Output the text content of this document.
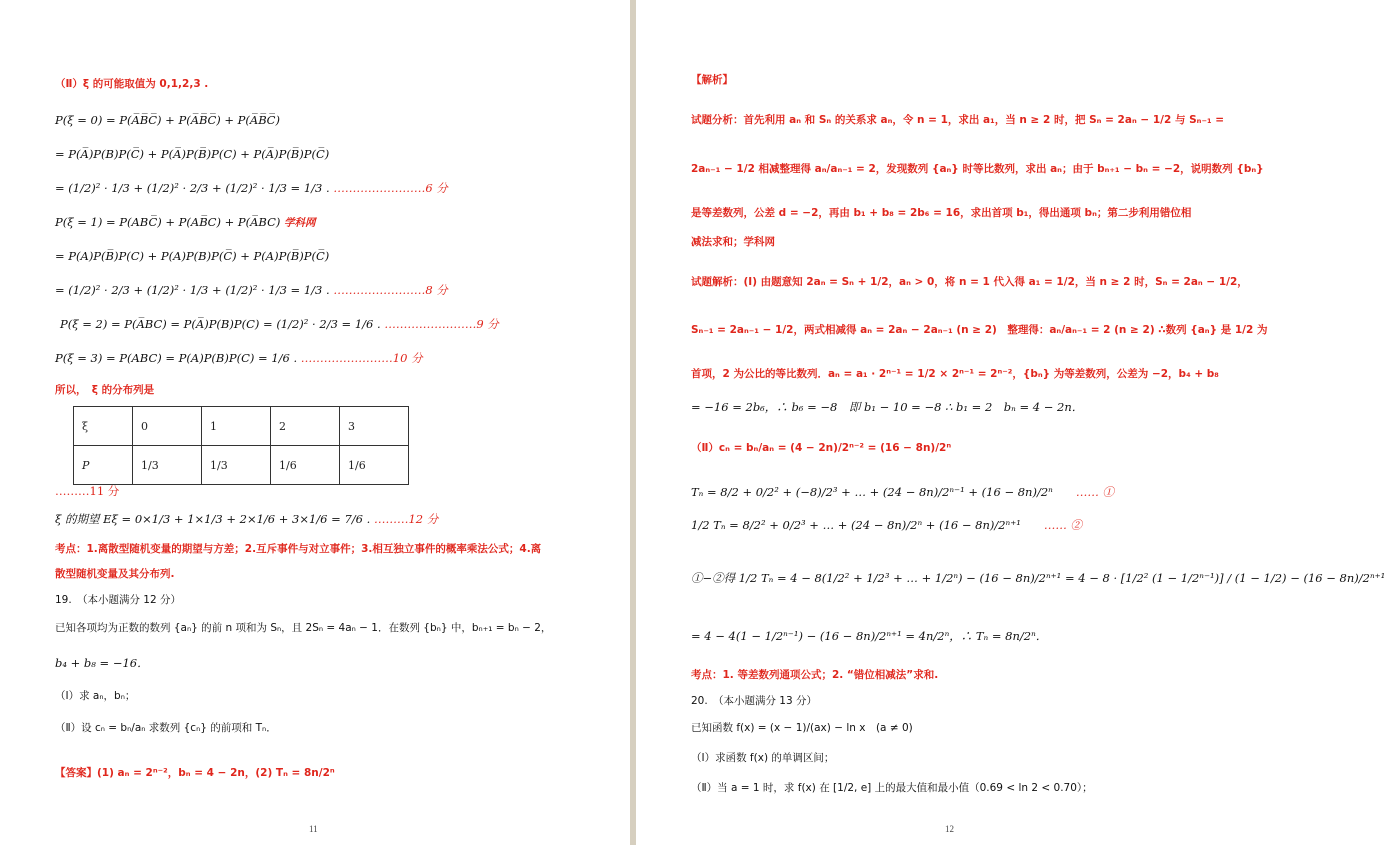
（Ⅱ）ξ 的可能取值为 0,1,2,3 .
P(ξ = 0) = P(A̅B̅C̅) + P(A̅B̅C̅) + P(A̅B̅C̅)
= P(A̅)P(B)P(C̅) + P(A̅)P(B̅)P(C) + P(A̅)P(B̅)P(C̅)
= (1/2)² · 1/3 + (1/2)² · 2/3 + (1/2)² · 1/3 = 1/3 . ……………………6 分
P(ξ = 1) = P(ABC̅) + P(AB̅C) + P(A̅BC) 学科网
= P(A)P(B̅)P(C) + P(A)P(B)P(C̅) + P(A)P(B̅)P(C̅)
= (1/2)² · 2/3 + (1/2)² · 1/3 + (1/2)² · 1/3 = 1/3 . ……………………8 分
P(ξ = 2) = P(A̅BC) = P(A̅)P(B)P(C) = (1/2)² · 2/3 = 1/6 . ……………………9 分
P(ξ = 3) = P(ABC) = P(A)P(B)P(C) = 1/6 . ……………………10 分
所以，　ξ 的分布列是
ξ	0	1	2	3
P	1/3	1/3	1/6	1/6
………11 分
ξ 的期望 Eξ = 0×1/3 + 1×1/3 + 2×1/6 + 3×1/6 = 7/6 . ………12 分
考点：1.离散型随机变量的期望与方差；2.互斥事件与对立事件；3.相互独立事件的概率乘法公式；4.离
散型随机变量及其分布列.
19.　（本小题满分 12 分）
已知各项均为正数的数列 {aₙ} 的前 n 项和为 Sₙ，且 2Sₙ = 4aₙ − 1．在数列 {bₙ} 中，bₙ₊₁ = bₙ − 2，
b₄ + b₈ = −16．
（Ⅰ）求 aₙ，bₙ；
（Ⅱ）设 cₙ = bₙ/aₙ 求数列 {cₙ} 的前项和 Tₙ．
【答案】(1) aₙ = 2ⁿ⁻²，bₙ = 4 − 2n，(2) Tₙ = 8n/2ⁿ
11
【解析】
试题分析：首先利用 aₙ 和 Sₙ 的关系求 aₙ，令 n = 1，求出 a₁，当 n ≥ 2 时，把 Sₙ = 2aₙ − 1/2 与 Sₙ₋₁ =
2aₙ₋₁ − 1/2 相减整理得 aₙ/aₙ₋₁ = 2，发现数列 {aₙ} 时等比数列，求出 aₙ；由于 bₙ₊₁ − bₙ = −2，说明数列 {bₙ}
是等差数列，公差 d = −2，再由 b₁ + b₈ = 2b₆ = 16，求出首项 b₁，得出通项 bₙ；第二步利用错位相
减法求和；学科网
试题解析：(Ⅰ) 由题意知 2aₙ = Sₙ + 1/2，aₙ > 0，将 n = 1 代入得 a₁ = 1/2，当 n ≥ 2 时，Sₙ = 2aₙ − 1/2，
Sₙ₋₁ = 2aₙ₋₁ − 1/2，两式相减得 aₙ = 2aₙ − 2aₙ₋₁ (n ≥ 2)　整理得：aₙ/aₙ₋₁ = 2 (n ≥ 2) ∴数列 {aₙ} 是 1/2 为
首项，2 为公比的等比数列．aₙ = a₁ · 2ⁿ⁻¹ = 1/2 × 2ⁿ⁻¹ = 2ⁿ⁻²，{bₙ} 为等差数列，公差为 −2，b₄ + b₈
= −16 = 2b₆，∴ b₆ = −8　即 b₁ − 10 = −8 ∴ b₁ = 2　bₙ = 4 − 2n．
（Ⅱ）cₙ = bₙ/aₙ = (4 − 2n)/2ⁿ⁻² = (16 − 8n)/2ⁿ
Tₙ = 8/2 + 0/2² + (−8)/2³ + … + (24 − 8n)/2ⁿ⁻¹ + (16 − 8n)/2ⁿ　　 …… ①
1/2 Tₙ = 8/2² + 0/2³ + … + (24 − 8n)/2ⁿ + (16 − 8n)/2ⁿ⁺¹　　 …… ②
①−②得 1/2 Tₙ = 4 − 8(1/2² + 1/2³ + … + 1/2ⁿ) − (16 − 8n)/2ⁿ⁺¹ = 4 − 8 · [1/2² (1 − 1/2ⁿ⁻¹)] / (1 − 1/2) − (16 − 8n)/2ⁿ⁺¹
= 4 − 4(1 − 1/2ⁿ⁻¹) − (16 − 8n)/2ⁿ⁺¹ = 4n/2ⁿ，∴ Tₙ = 8n/2ⁿ．
考点：1. 等差数列通项公式；2. “错位相减法”求和.
20.　（本小题满分 13 分）
已知函数 f(x) = (x − 1)/(ax) − ln x　(a ≠ 0)
（Ⅰ）求函数 f(x) 的单调区间；
（Ⅱ）当 a = 1 时，求 f(x) 在 [1/2, e] 上的最大值和最小值（0.69 < ln 2 < 0.70）；
12
